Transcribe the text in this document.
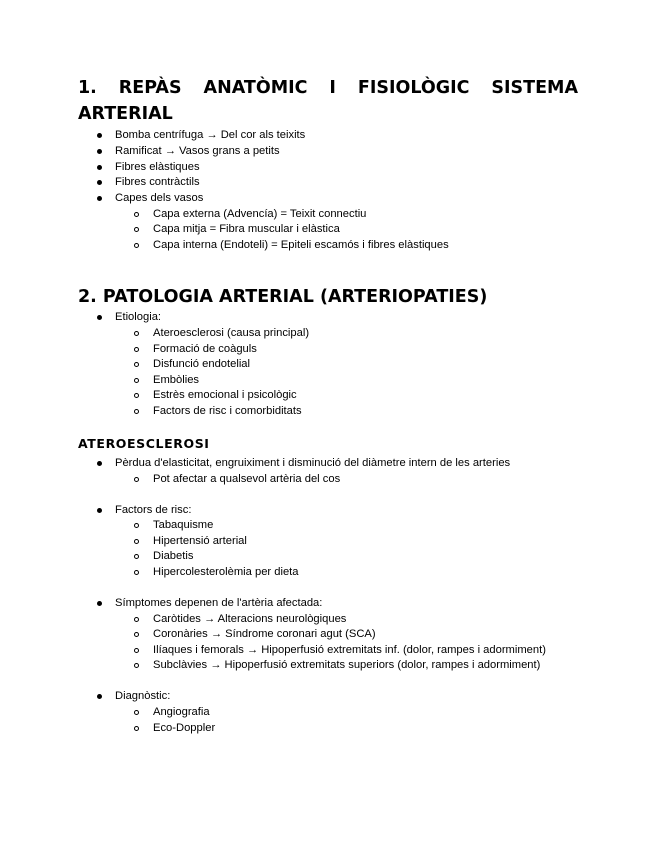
1. REPÀS ANATÒMIC I FISIOLÒGIC SISTEMA ARTERIAL
Bomba centrífuga → Del cor als teixits
Ramificat → Vasos grans a petits
Fibres elàstiques
Fibres contràctils
Capes dels vasos
Capa externa (Advencía) = Teixit connectiu
Capa mitja = Fibra muscular i elàstica
Capa interna (Endoteli) = Epiteli escamós i fibres elàstiques
2. PATOLOGIA ARTERIAL (ARTERIOPATIES)
Etiologia:
Ateroesclerosi (causa principal)
Formació de coàguls
Disfunció endotelial
Embòlies
Estrès emocional i psicològic
Factors de risc i comorbiditats
ATEROESCLEROSI
Pèrdua d'elasticitat, engruiximent i disminució del diàmetre intern de les arteries
Pot afectar a qualsevol artèria del cos
Factors de risc:
Tabaquisme
Hipertensió arterial
Diabetis
Hipercolesterolèmia per dieta
Símptomes depenen de l'artèria afectada:
Caròtides → Alteracions neurològiques
Coronàries → Síndrome coronari agut (SCA)
Ilíaques i femorals → Hipoperfusió extremitats inf. (dolor, rampes i adormiment)
Subclàvies → Hipoperfusió extremitats superiors (dolor, rampes i adormiment)
Diagnòstic:
Angiografia
Eco-Doppler
